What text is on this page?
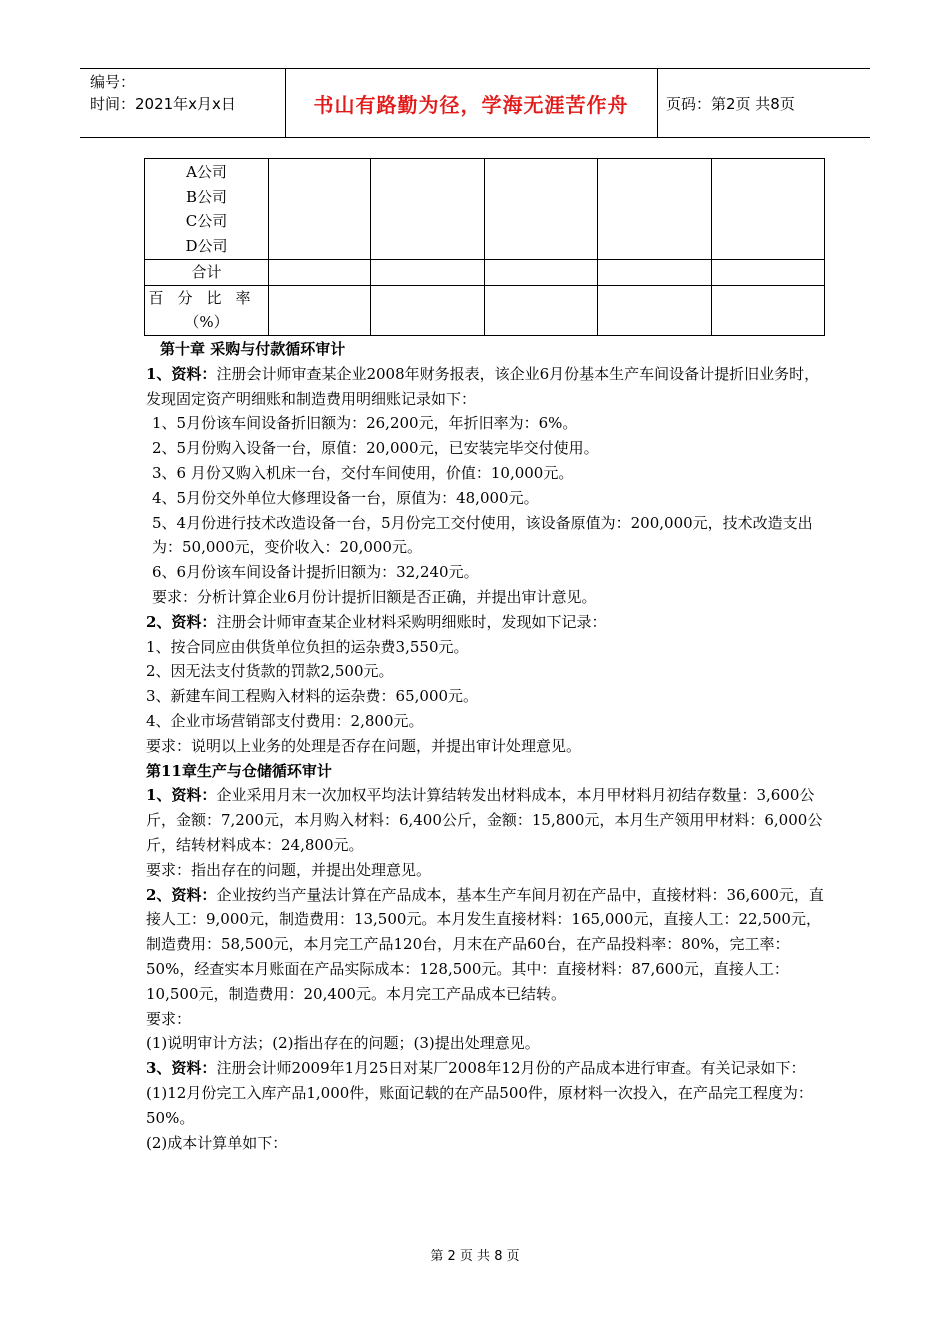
编号：
时间：2021年x月x日	书山有路勤为径，学海无涯苦作舟	页码：第2页 共8页
A公司
B公司
C公司
D公司					

合计					

百分比率
（%）					

第十章 采购与付款循环审计

1、资料：注册会计师审查某企业2008年财务报表，该企业6月份基本生产车间设备计提折旧业务时，发现固定资产明细账和制造费用明细账记录如下：

1、5月份该车间设备折旧额为：26,200元，年折旧率为：6%。

2、5月份购入设备一台，原值：20,000元，已安装完毕交付使用。

3、6 月份又购入机床一台，交付车间使用，价值：10,000元。

4、5月份交外单位大修理设备一台，原值为：48,000元。

5、4月份进行技术改造设备一台，5月份完工交付使用，该设备原值为：200,000元，技术改造支出为：50,000元，变价收入：20,000元。

6、6月份该车间设备计提折旧额为：32,240元。

要求：分析计算企业6月份计提折旧额是否正确，并提出审计意见。

2、资料：注册会计师审查某企业材料采购明细账时，发现如下记录：

1、按合同应由供货单位负担的运杂费3,550元。

2、因无法支付货款的罚款2,500元。

3、新建车间工程购入材料的运杂费：65,000元。

4、企业市场营销部支付费用：2,800元。

要求：说明以上业务的处理是否存在问题，并提出审计处理意见。

第11章生产与仓储循环审计

1、资料：企业采用月末一次加权平均法计算结转发出材料成本，本月甲材料月初结存数量：3,600公斤，金额：7,200元，本月购入材料：6,400公斤，金额：15,800元，本月生产领用甲材料：6,000公斤，结转材料成本：24,800元。

要求：指出存在的问题，并提出处理意见。

2、资料：企业按约当产量法计算在产品成本，基本生产车间月初在产品中，直接材料：36,600元，直接人工：9,000元，制造费用：13,500元。本月发生直接材料：165,000元，直接人工：22,500元，制造费用：58,500元，本月完工产品120台，月末在产品60台，在产品投料率：80%，完工率：50%，经查实本月账面在产品实际成本：128,500元。其中：直接材料：87,600元，直接人工：10,500元，制造费用：20,400元。本月完工产品成本已结转。

要求：

(1)说明审计方法；(2)指出存在的问题；(3)提出处理意见。

3、资料：注册会计师2009年1月25日对某厂2008年12月份的产品成本进行审查。有关记录如下：

(1)12月份完工入库产品1,000件，账面记载的在产品500件，原材料一次投入，在产品完工程度为：50%。

(2)成本计算单如下：

第 2 页 共 8 页
